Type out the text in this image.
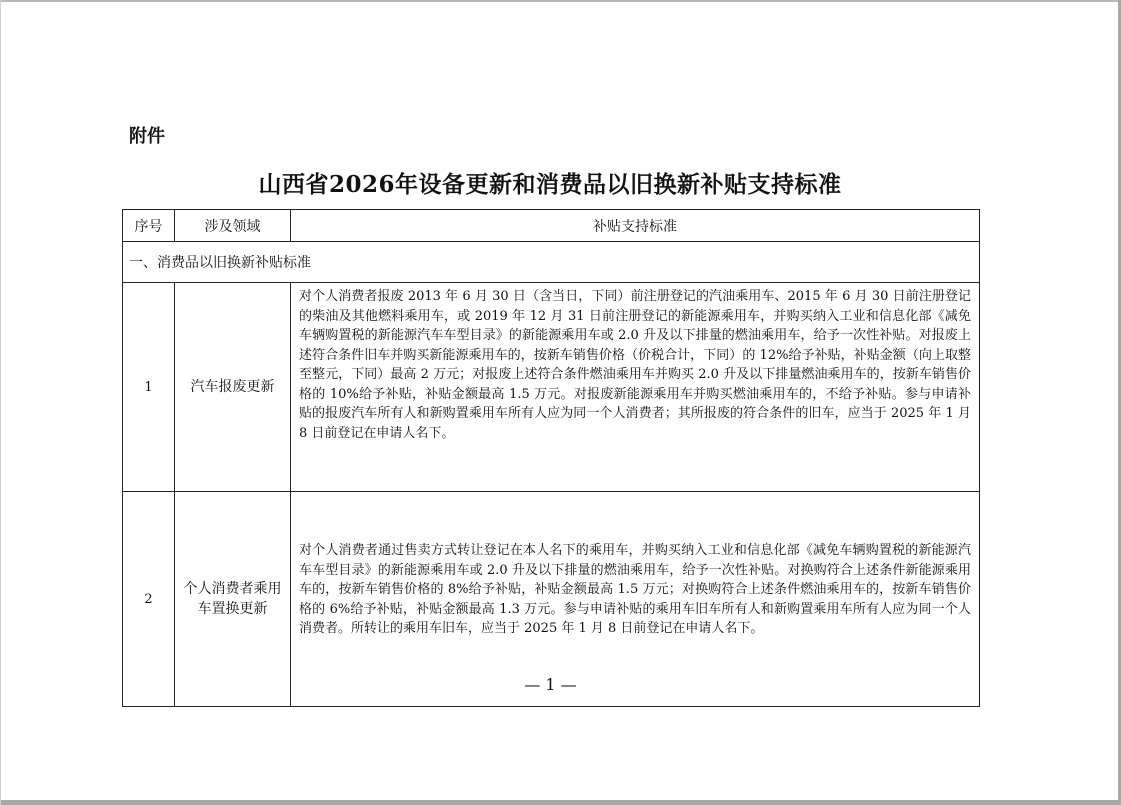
附件
山西省2026年设备更新和消费品以旧换新补贴支持标准
序号	涉及领域	补贴支持标准
一、消费品以旧换新补贴标准		
1	汽车报废更新	对个人消费者报废 2013 年 6 月 30 日（含当日，下同）前注册登记的汽油乘用车、2015 年 6 月 30 日前注册登记的柴油及其他燃料乘用车，或 2019 年 12 月 31 日前注册登记的新能源乘用车，并购买纳入工业和信息化部《减免车辆购置税的新能源汽车车型目录》的新能源乘用车或 2.0 升及以下排量的燃油乘用车，给予一次性补贴。对报废上述符合条件旧车并购买新能源乘用车的，按新车销售价格（价税合计，下同）的 12%给予补贴，补贴金额（向上取整至整元，下同）最高 2 万元；对报废上述符合条件燃油乘用车并购买 2.0 升及以下排量燃油乘用车的，按新车销售价格的 10%给予补贴，补贴金额最高 1.5 万元。对报废新能源乘用车并购买燃油乘用车的，不给予补贴。参与申请补贴的报废汽车所有人和新购置乘用车所有人应为同一个人消费者；其所报废的符合条件的旧车，应当于 2025 年 1 月 8 日前登记在申请人名下。
2	个人消费者乘用车置换更新	对个人消费者通过售卖方式转让登记在本人名下的乘用车，并购买纳入工业和信息化部《减免车辆购置税的新能源汽车车型目录》的新能源乘用车或 2.0 升及以下排量的燃油乘用车，给予一次性补贴。对换购符合上述条件新能源乘用车的，按新车销售价格的 8%给予补贴，补贴金额最高 1.5 万元；对换购符合上述条件燃油乘用车的，按新车销售价格的 6%给予补贴，补贴金额最高 1.3 万元。参与申请补贴的乘用车旧车所有人和新购置乘用车所有人应为同一个人消费者。所转让的乘用车旧车，应当于 2025 年 1 月 8 日前登记在申请人名下。
— 1 —
